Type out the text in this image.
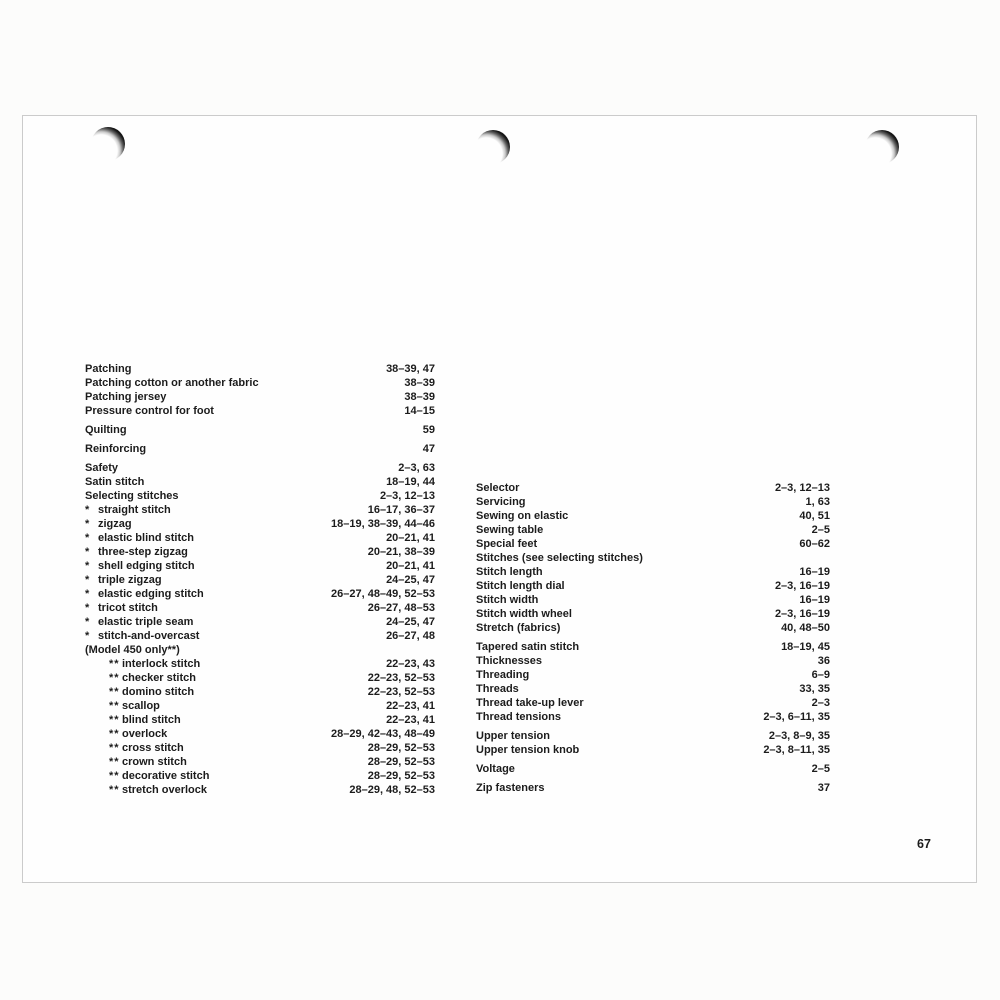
Patching	38–39, 47
Patching cotton or another fabric	38–39
Patching jersey	38–39
Pressure control for foot	14–15
Quilting	59
Reinforcing	47
Safety	2–3, 63
Satin stitch	18–19, 44
Selecting stitches	2–3, 12–13
* straight stitch	16–17, 36–37
* zigzag	18–19, 38–39, 44–46
* elastic blind stitch	20–21, 41
* three-step zigzag	20–21, 38–39
* shell edging stitch	20–21, 41
* triple zigzag	24–25, 47
* elastic edging stitch	26–27, 48–49, 52–53
* tricot stitch	26–27, 48–53
* elastic triple seam	24–25, 47
* stitch-and-overcast	26–27, 48
(Model 450 only**)
** interlock stitch	22–23, 43
** checker stitch	22–23, 52–53
** domino stitch	22–23, 52–53
** scallop	22–23, 41
** blind stitch	22–23, 41
** overlock	28–29, 42–43, 48–49
** cross stitch	28–29, 52–53
** crown stitch	28–29, 52–53
** decorative stitch	28–29, 52–53
** stretch overlock	28–29, 48, 52–53
Selector	2–3, 12–13
Servicing	1, 63
Sewing on elastic	40, 51
Sewing table	2–5
Special feet	60–62
Stitches (see selecting stitches)
Stitch length	16–19
Stitch length dial	2–3, 16–19
Stitch width	16–19
Stitch width wheel	2–3, 16–19
Stretch (fabrics)	40, 48–50
Tapered satin stitch	18–19, 45
Thicknesses	36
Threading	6–9
Threads	33, 35
Thread take-up lever	2–3
Thread tensions	2–3, 6–11, 35
Upper tension	2–3, 8–9, 35
Upper tension knob	2–3, 8–11, 35
Voltage	2–5
Zip fasteners	37
67
